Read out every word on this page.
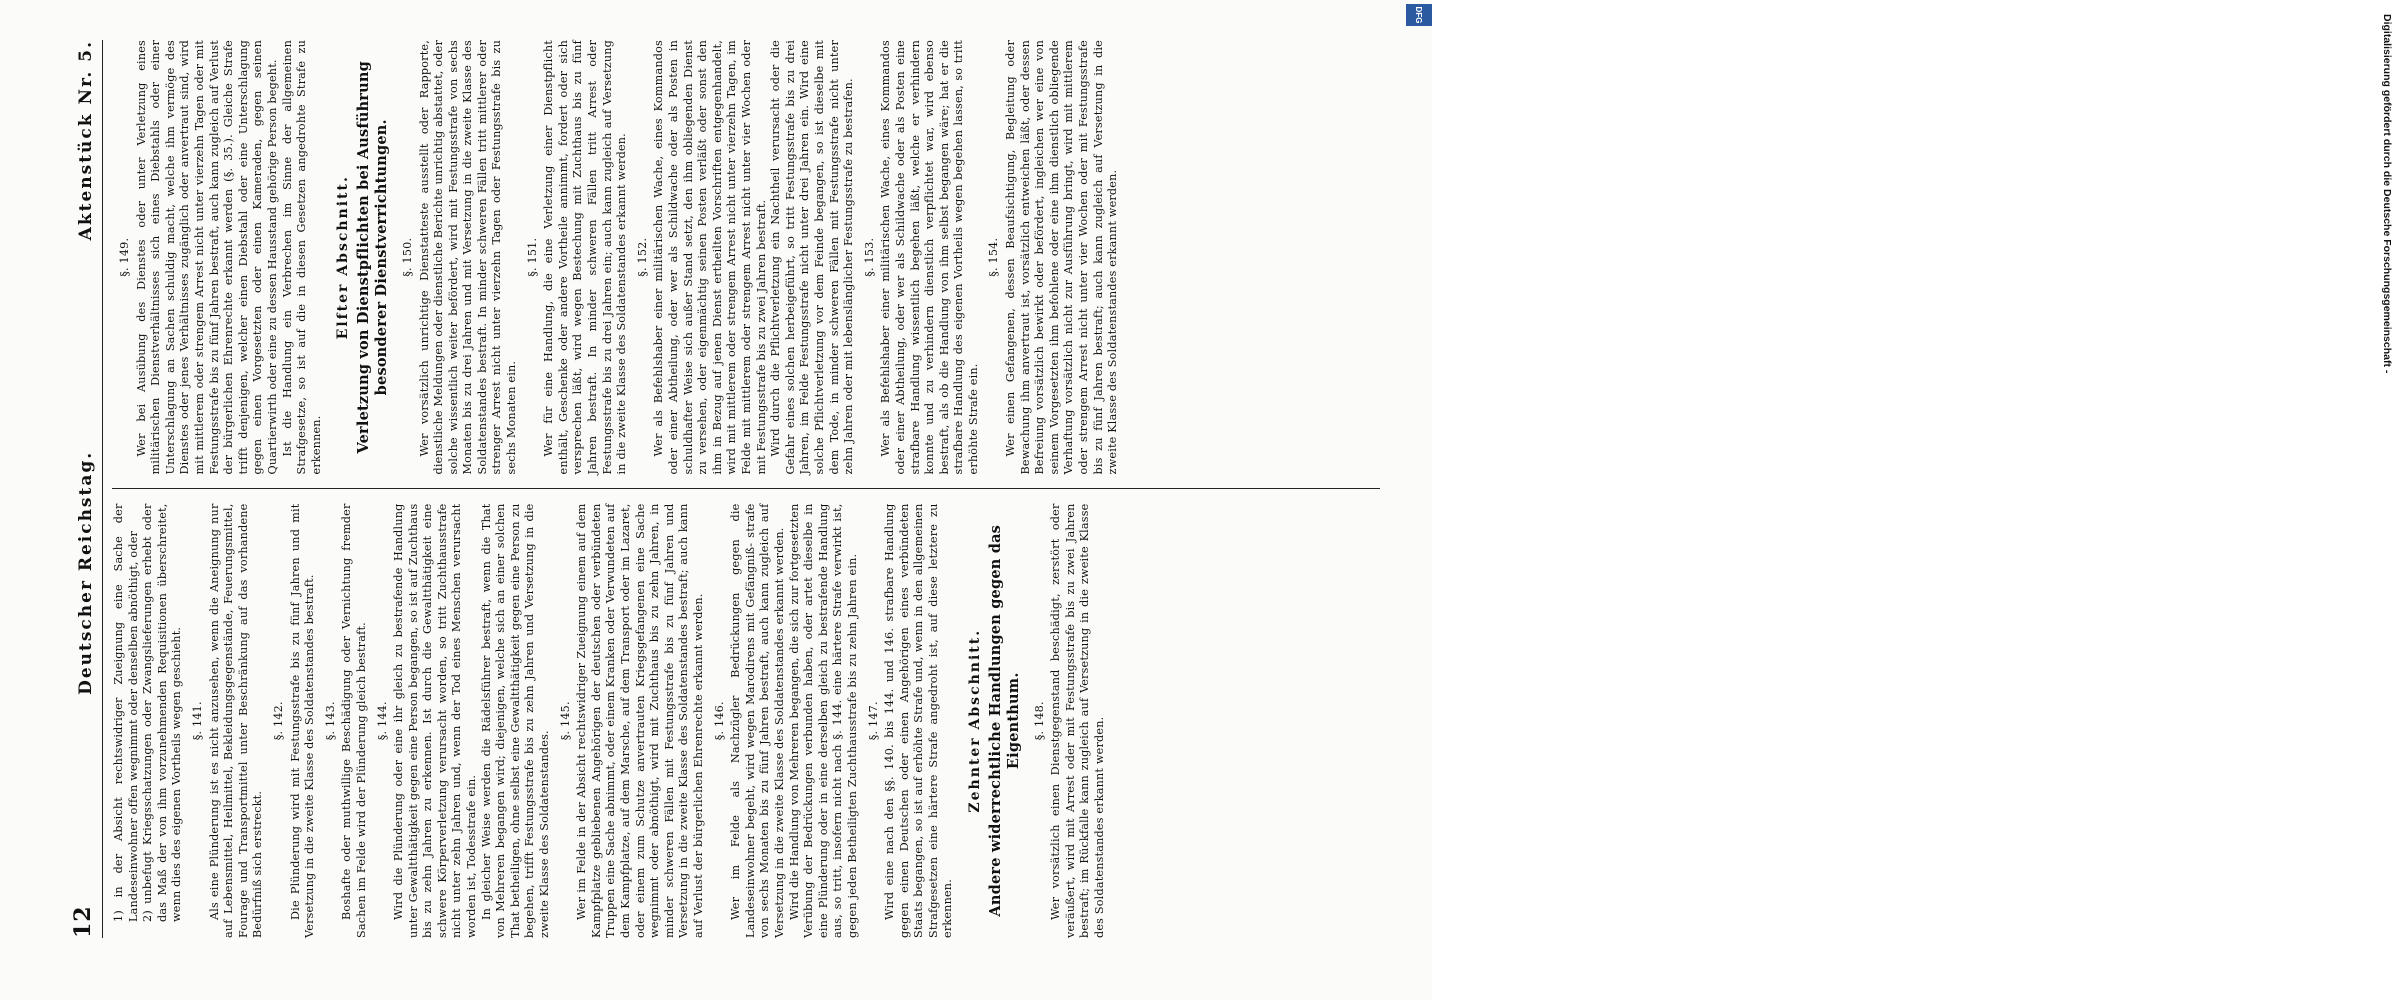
12
Deutscher Reichstag.
Aktenstück Nr. 5.

1) in der Absicht rechtswidriger Zueignung eine Sache der Landeseinwohner offen wegnimmt oder denselben abnöthigt, oder 2) unbefugt Kriegsschatzungen oder Zwangslieferungen erhebt oder das Maß der von ihm vorzunehmenden Requisitionen überschreitet, wenn dies des eigenen Vortheils wegen geschieht. §. 141. Als eine Plünderung ist es nicht anzusehen, wenn die Aneignung nur auf Lebensmittel, Heilmittel, Bekleidungsgegenstände, Feuerungsmittel, Fourage und Transportmittel unter Beschränkung auf das vorhandene Bedürfniß sich erstreckt.

§. 142. Die Plünderung wird mit Festungsstrafe bis zu fünf Jahren und mit Versetzung in die zweite Klasse des Soldatenstandes bestraft. §. 143. Boshafte oder muthwillige Beschädigung oder Vernichtung fremder Sachen im Felde wird der Plünderung gleich bestraft. §. 144. Wird die Plünderung oder eine ihr gleich zu bestrafende Handlung unter Gewaltthätigkeit gegen eine Person begangen, so ist auf Zuchthaus bis zu zehn Jahren zu erkennen. Ist durch die Gewaltthätigkeit eine schwere Körperverletzung verursacht worden, so tritt Zuchthausstrafe nicht unter zehn Jahren und, wenn der Tod eines Menschen verursacht worden ist, Todesstrafe ein. In gleicher Weise werden die Rädelsführer bestraft, wenn die That von Mehreren begangen wird; diejenigen, welche sich an einer solchen That betheiligen, ohne selbst eine Gewaltthätigkeit gegen eine Person zu begehen, trifft Festungsstrafe bis zu zehn Jahren und Versetzung in die zweite Klasse des Soldatenstandes.

§. 145. Wer im Felde in der Absicht rechtswidriger Zueignung einem auf dem Kampfplatze gebliebenen Angehörigen der deutschen oder verbündeten Truppen eine Sache abnimmt, oder einem Kranken oder Verwundeten auf dem Kampfplatze, auf dem Marsche, auf dem Transport oder im Lazaret, oder einem zum Schutze anvertrauten Kriegsgefangenen eine Sache wegnimmt oder abnöthigt, wird mit Zuchthaus bis zu zehn Jahren, in minder schweren Fällen mit Festungsstrafe bis zu fünf Jahren und Versetzung in die zweite Klasse des Soldatenstandes bestraft; auch kann auf Verlust der bürgerlichen Ehrenrechte erkannt werden. §. 146. Wer im Felde als Nachzügler Bedrückungen gegen die Landeseinwohner begeht, wird wegen Marodirens mit Gefängniß- strafe von sechs Monaten bis zu fünf Jahren bestraft, auch kann zugleich auf Versetzung in die zweite Klasse des Soldatenstandes erkannt werden. Wird die Handlung von Mehreren begangen, die sich zur fortgesetzten Verübung der Bedrückungen verbunden haben, oder artet dieselbe in eine Plünderung oder in eine derselben gleich zu bestrafende Handlung aus, so tritt, insofern nicht nach §. 144. eine härtere Strafe verwirkt ist, gegen jeden Betheiligten Zuchthausstrafe bis zu zehn Jahren ein. §. 147. Wird eine nach den §§. 140. bis 144. und 146. strafbare Handlung gegen einen Deutschen oder einen Angehörigen eines verbündeten Staats begangen, so ist auf erhöhte Strafe und, wenn in den allgemeinen Strafgesetzen eine härtere Strafe angedroht ist, auf diese letztere zu erkennen.

Zehnter Abschnitt. Andere widerrechtliche Handlungen gegen das Eigenthum. §. 148. Wer vorsätzlich einen Dienstgegenstand beschädigt, zerstört oder veräußert, wird mit Arrest oder mit Festungsstrafe bis zu zwei Jahren bestraft; im Rückfalle kann zugleich auf Versetzung in die zweite Klasse des Soldatenstandes erkannt werden.

§. 149. Wer bei Ausübung des Dienstes oder unter Verletzung eines militärischen Dienstverhältnisses sich eines Diebstahls oder einer Unterschlagung an Sachen schuldig macht, welche ihm vermöge des Dienstes oder jenes Verhältnisses zugänglich oder anvertraut sind, wird mit mittlerem oder strengem Arrest nicht unter vierzehn Tagen oder mit Festungsstrafe bis zu fünf Jahren bestraft, auch kann zugleich auf Verlust der bürgerlichen Ehrenrechte erkannt werden (§. 35.). Gleiche Strafe trifft denjenigen, welcher einen Diebstahl oder eine Unterschlagung gegen einen Vorgesetzten oder einen Kameraden, gegen seinen Quartierwirth oder eine zu dessen Hausstand gehörige Person begeht. Ist die Handlung ein Verbrechen im Sinne der allgemeinen Strafgesetze, so ist auf die in diesen Gesetzen angedrohte Strafe zu erkennen.

Elfter Abschnitt. Verletzung von Dienstpflichten bei Ausführung besonderer Dienstverrichtungen. §. 150. Wer vorsätzlich unrichtige Dienstatteste ausstellt oder Rapporte, dienstliche Meldungen oder dienstliche Berichte unrichtig abstattet, oder solche wissentlich weiter befördert, wird mit Festungsstrafe von sechs Monaten bis zu drei Jahren und mit Versetzung in die zweite Klasse des Soldatenstandes bestraft. In minder schweren Fällen tritt mittlerer oder strenger Arrest nicht unter vierzehn Tagen oder Festungsstrafe bis zu sechs Monaten ein.

§. 151. Wer für eine Handlung, die eine Verletzung einer Dienstpflicht enthält, Geschenke oder andere Vortheile annimmt, fordert oder sich versprechen läßt, wird wegen Bestechung mit Zuchthaus bis zu fünf Jahren bestraft. In minder schweren Fällen tritt Arrest oder Festungsstrafe bis zu drei Jahren ein; auch kann zugleich auf Versetzung in die zweite Klasse des Soldatenstandes erkannt werden. §. 152. Wer als Befehlshaber einer militärischen Wache, eines Kommandos oder einer Abtheilung, oder wer als Schildwache oder als Posten in schuldhafter Weise sich außer Stand setzt, den ihm obliegenden Dienst zu versehen, oder eigenmächtig seinen Posten verläßt oder sonst den ihm in Bezug auf jenen Dienst ertheilten Vorschriften entgegenhandelt, wird mit mittlerem oder strengem Arrest nicht unter vierzehn Tagen, im Felde mit mittlerem oder strengem Arrest nicht unter vier Wochen oder mit Festungsstrafe bis zu zwei Jahren bestraft. Wird durch die Pflichtverletzung ein Nachtheil verursacht oder die Gefahr eines solchen herbeigeführt, so tritt Festungsstrafe bis zu drei Jahren, im Felde Festungsstrafe nicht unter drei Jahren ein. Wird eine solche Pflichtverletzung vor dem Feinde begangen, so ist dieselbe mit dem Tode, in minder schweren Fällen mit Festungsstrafe nicht unter zehn Jahren oder mit lebenslänglicher Festungsstrafe zu bestrafen. §. 153. Wer als Befehlshaber einer militärischen Wache, eines Kommandos oder einer Abtheilung, oder wer als Schildwache oder als Posten eine strafbare Handlung wissentlich begehen läßt, welche er verhindern konnte und zu verhindern dienstlich verpflichtet war, wird ebenso bestraft, als ob die Handlung von ihm selbst begangen wäre; hat er die strafbare Handlung des eigenen Vortheils wegen begehen lassen, so tritt erhöhte Strafe ein.

§. 154. Wer einen Gefangenen, dessen Beaufsichtigung, Begleitung oder Bewachung ihm anvertraut ist, vorsätzlich entweichen läßt, oder dessen Befreiung vorsätzlich bewirkt oder befördert, ingleichen wer eine von seinem Vorgesetzten ihm befohlene oder eine ihm dienstlich obliegende Verhaftung vorsätzlich nicht zur Ausführung bringt, wird mit mittlerem oder strengem Arrest nicht unter vier Wochen oder mit Festungsstrafe bis zu fünf Jahren bestraft; auch kann zugleich auf Versetzung in die zweite Klasse des Soldatenstandes erkannt werden.	Digitalisierung gefördert durch die Deutsche Forschungsgemeinschaft -
DFG
